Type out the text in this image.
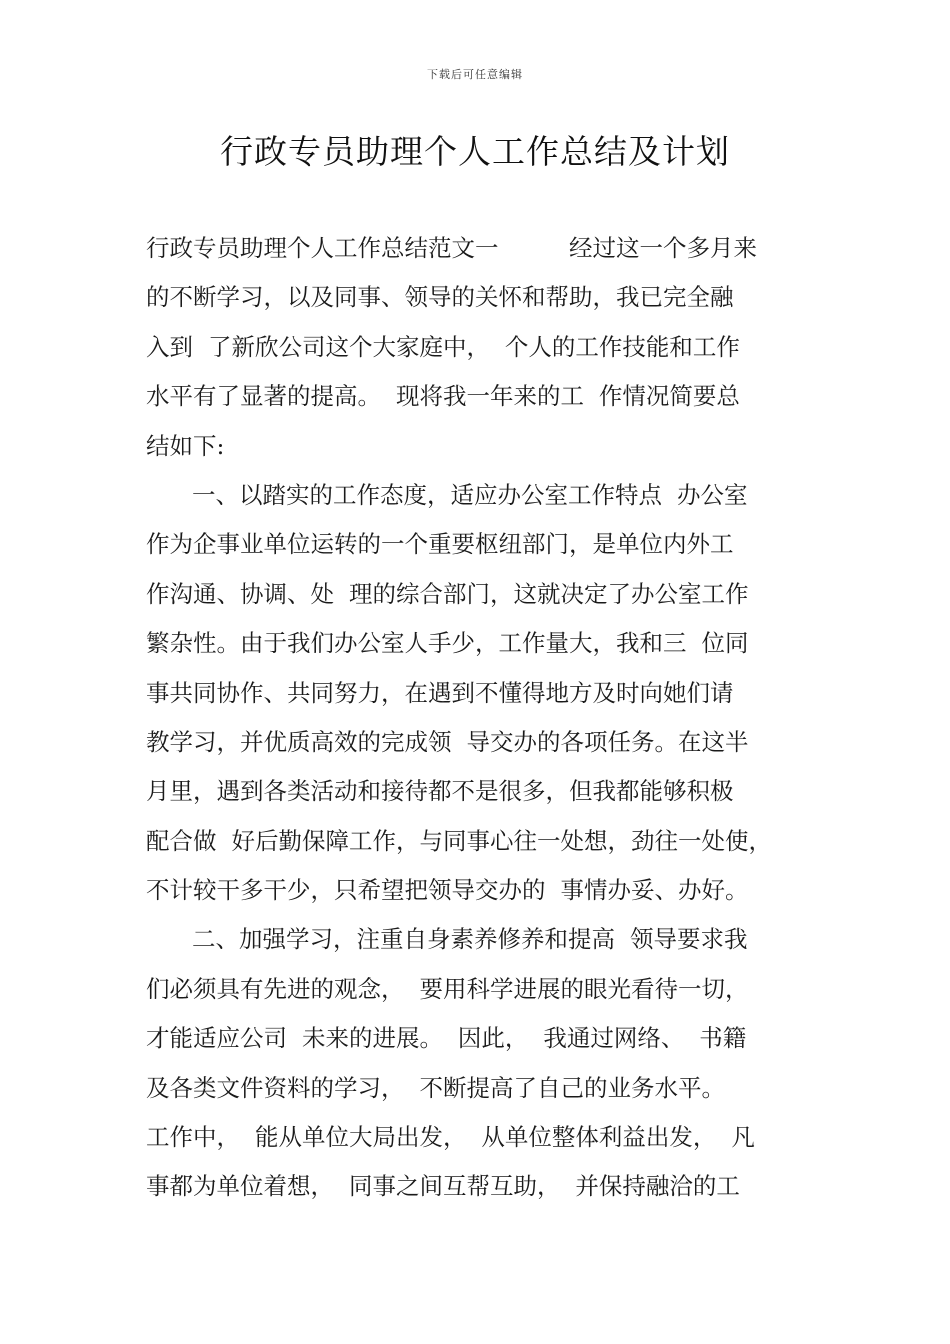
下载后可任意编辑
行政专员助理个人工作总结及计划
行政专员助理个人工作总结范文一　　　经过这一个多月来
的不断学习，以及同事、领导的关怀和帮助，我已完全融
入到  了新欣公司这个大家庭中，  个人的工作技能和工作
水平有了显著的提高。  现将我一年来的工  作情况简要总
结如下:
一、以踏实的工作态度，适应办公室工作特点  办公室
作为企事业单位运转的一个重要枢纽部门，是单位内外工
作沟通、协调、处  理的综合部门，这就决定了办公室工作
繁杂性。由于我们办公室人手少，工作量大，我和三  位同
事共同协作、共同努力，在遇到不懂得地方及时向她们请
教学习，并优质高效的完成领  导交办的各项任务。在这半
月里，遇到各类活动和接待都不是很多，但我都能够积极
配合做  好后勤保障工作，与同事心往一处想，劲往一处使，
不计较干多干少，只希望把领导交办的  事情办妥、办好。
二、加强学习，注重自身素养修养和提高  领导要求我
们必须具有先进的观念，  要用科学进展的眼光看待一切，
才能适应公司  未来的进展。  因此，  我通过网络、  书籍
及各类文件资料的学习，  不断提高了自己的业务水平。
工作中，  能从单位大局出发，  从单位整体利益出发，  凡
事都为单位着想，  同事之间互帮互助，  并保持融洽的工
